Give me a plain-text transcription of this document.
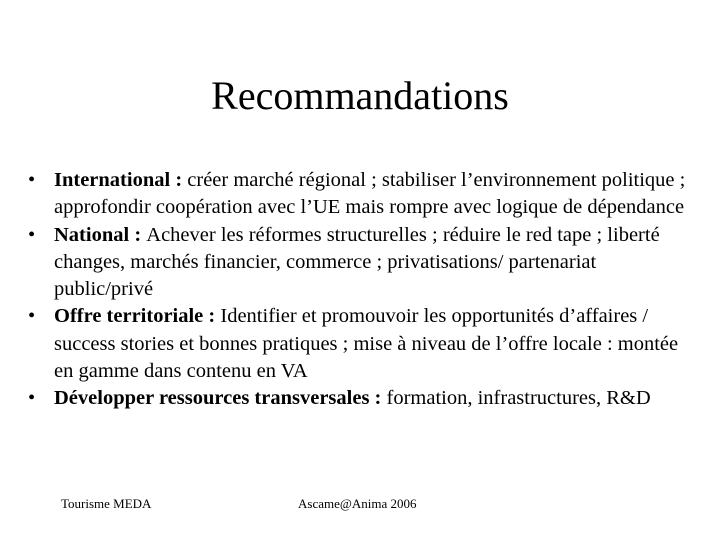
Recommandations
• International : créer marché régional ; stabiliser l’environnement politique ; approfondir coopération avec l’UE mais rompre avec logique de dépendance
• National : Achever les réformes structurelles ; réduire le red tape ; liberté changes, marchés financier, commerce ; privatisations/ partenariat public/privé
• Offre territoriale : Identifier et promouvoir les opportunités d’affaires / success stories et bonnes pratiques ; mise à niveau de l’offre locale : montée en gamme dans contenu en VA
• Développer ressources transversales : formation, infrastructures, R&D
Tourisme MEDA	Ascame@Anima 2006
